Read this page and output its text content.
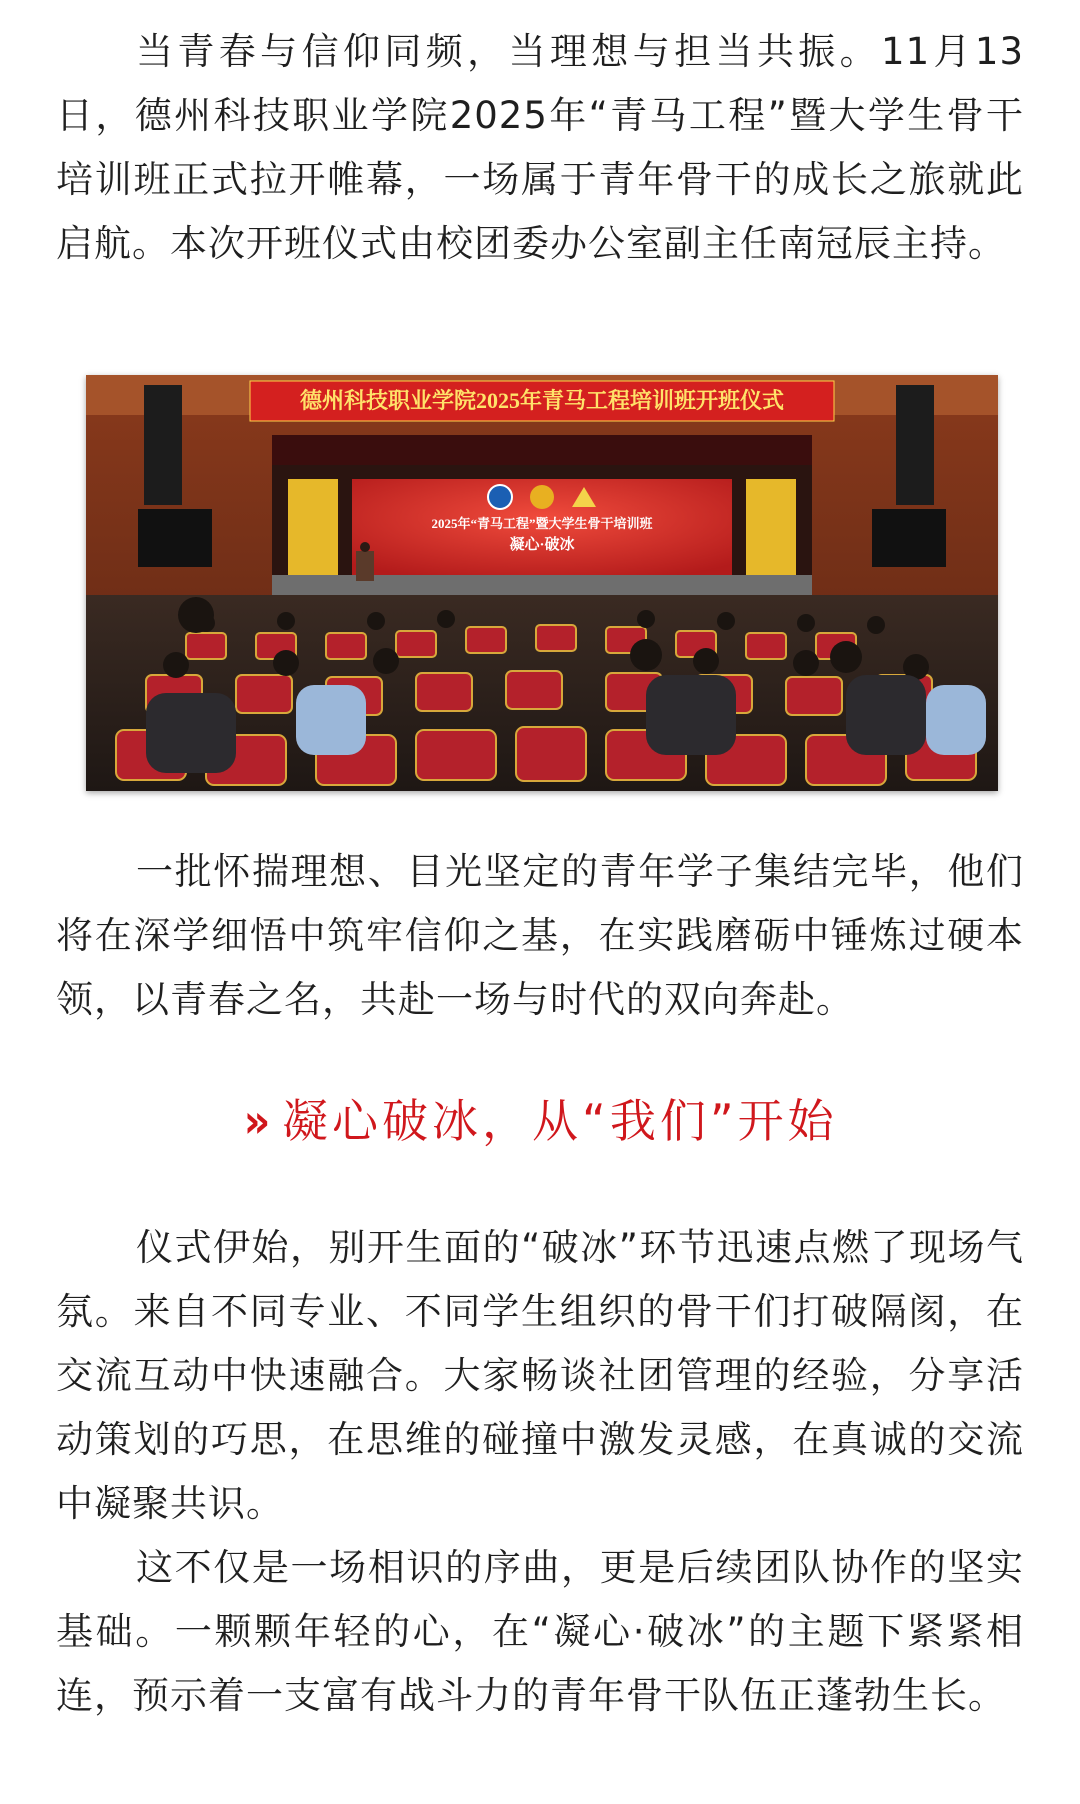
当青春与信仰同频，当理想与担当共振。11月13日，德州科技职业学院2025年“青马工程”暨大学生骨干培训班正式拉开帷幕，一场属于青年骨干的成长之旅就此启航。本次开班仪式由校团委办公室副主任南冠辰主持。

德州科技职业学院2025年青马工程培训班开班仪式
2025年“青马工程”暨大学生骨干培训班
凝心·破冰

一批怀揣理想、目光坚定的青年学子集结完毕，他们将在深学细悟中筑牢信仰之基，在实践磨砺中锤炼过硬本领，以青春之名，共赴一场与时代的双向奔赴。

» 凝心破冰，从“我们”开始

仪式伊始，别开生面的“破冰”环节迅速点燃了现场气氛。来自不同专业、不同学生组织的骨干们打破隔阂，在交流互动中快速融合。大家畅谈社团管理的经验，分享活动策划的巧思，在思维的碰撞中激发灵感，在真诚的交流中凝聚共识。

这不仅是一场相识的序曲，更是后续团队协作的坚实基础。一颗颗年轻的心，在“凝心·破冰”的主题下紧紧相连，预示着一支富有战斗力的青年骨干队伍正蓬勃生长。
